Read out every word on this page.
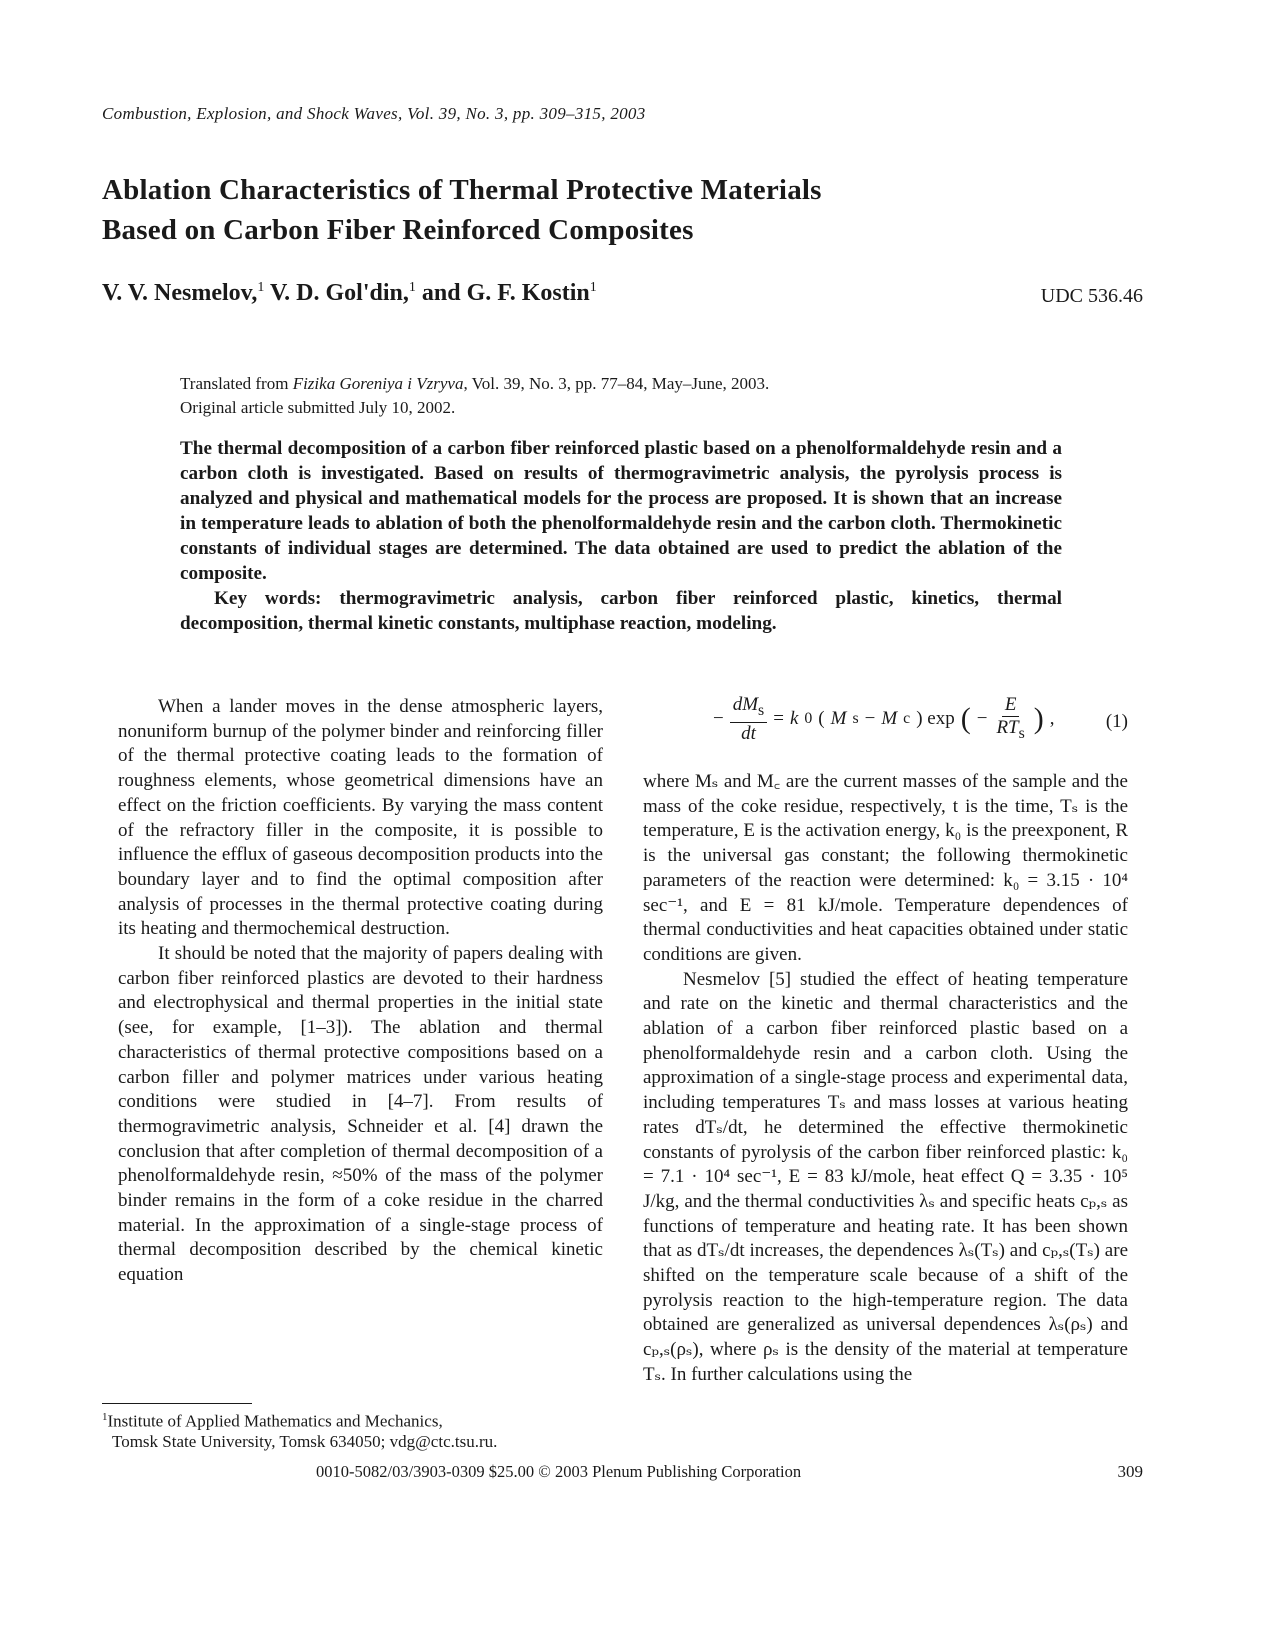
Combustion, Explosion, and Shock Waves, Vol. 39, No. 3, pp. 309–315, 2003
Ablation Characteristics of Thermal Protective Materials
Based on Carbon Fiber Reinforced Composites
V. V. Nesmelov,$^1$ V. D. Gol'din,$^1$ and G. F. Kostin$^1$	UDC 536.46
Translated from Fizika Goreniya i Vzryva, Vol. 39, No. 3, pp. 77–84, May–June, 2003.
Original article submitted July 10, 2002.

The thermal decomposition of a carbon fiber reinforced plastic based on a phenolformaldehyde resin and a carbon cloth is investigated. Based on results of thermogravimetric analysis, the pyrolysis process is analyzed and physical and mathematical models for the process are proposed. It is shown that an increase in temperature leads to ablation of both the phenolformaldehyde resin and the carbon cloth. Thermokinetic constants of individual stages are determined. The data obtained are used to predict the ablation of the composite.

Key words: thermogravimetric analysis, carbon fiber reinforced plastic, kinetics, thermal decomposition, thermal kinetic constants, multiphase reaction, modeling.

When a lander moves in the dense atmospheric layers, nonuniform burnup of the polymer binder and reinforcing filler of the thermal protective coating leads to the formation of roughness elements, whose geometrical dimensions have an effect on the friction coefficients. By varying the mass content of the refractory filler in the composite, it is possible to influence the efflux of gaseous decomposition products into the boundary layer and to find the optimal composition after analysis of processes in the thermal protective coating during its heating and thermochemical destruction.

It should be noted that the majority of papers dealing with carbon fiber reinforced plastics are devoted to their hardness and electrophysical and thermal properties in the initial state (see, for example, [1–3]). The ablation and thermal characteristics of thermal protective compositions based on a carbon filler and polymer matrices under various heating conditions were studied in [4–7]. From results of thermogravimetric analysis, Schneider et al. [4] drawn the conclusion that after completion of thermal decomposition of a phenolformaldehyde resin, ≈50% of the mass of the polymer binder remains in the form of a coke residue in the charred material. In the approximation of a single-stage process of thermal decomposition described by the chemical kinetic equation

− $\frac{dM_s}{dt} = k$ 0 ( M s − M c ) exp ( − $\frac{E}{RT_s}$ ) ,	(1)

where Mₛ and M꜀ are the current masses of the sample and the mass of the coke residue, respectively, t is the time, Tₛ is the temperature, E is the activation energy, k₀ is the preexponent, R is the universal gas constant; the following thermokinetic parameters of the reaction were determined: k₀ = 3.15 · 10⁴ sec⁻¹, and E = 81 kJ/mole. Temperature dependences of thermal conductivities and heat capacities obtained under static conditions are given.

Nesmelov [5] studied the effect of heating temperature and rate on the kinetic and thermal characteristics and the ablation of a carbon fiber reinforced plastic based on a phenolformaldehyde resin and a carbon cloth. Using the approximation of a single-stage process and experimental data, including temperatures Tₛ and mass losses at various heating rates dTₛ/dt, he determined the effective thermokinetic constants of pyrolysis of the carbon fiber reinforced plastic: k₀ = 7.1 · 10⁴ sec⁻¹, E = 83 kJ/mole, heat effect Q = 3.35 · 10⁵ J/kg, and the thermal conductivities λₛ and specific heats cₚ,ₛ as functions of temperature and heating rate. It has been shown that as dTₛ/dt increases, the dependences λₛ(Tₛ) and cₚ,ₛ(Tₛ) are shifted on the temperature scale because of a shift of the pyrolysis reaction to the high-temperature region. The data obtained are generalized as universal dependences λₛ(ρₛ) and cₚ,ₛ(ρₛ), where ρₛ is the density of the material at temperature Tₛ. In further calculations using the

$^1$Institute of Applied Mathematics and Mechanics,
Tomsk State University, Tomsk 634050; vdg@ctc.tsu.ru.
0010-5082/03/3903-0309 $25.00 © 2003 Plenum Publishing Corporation	309
